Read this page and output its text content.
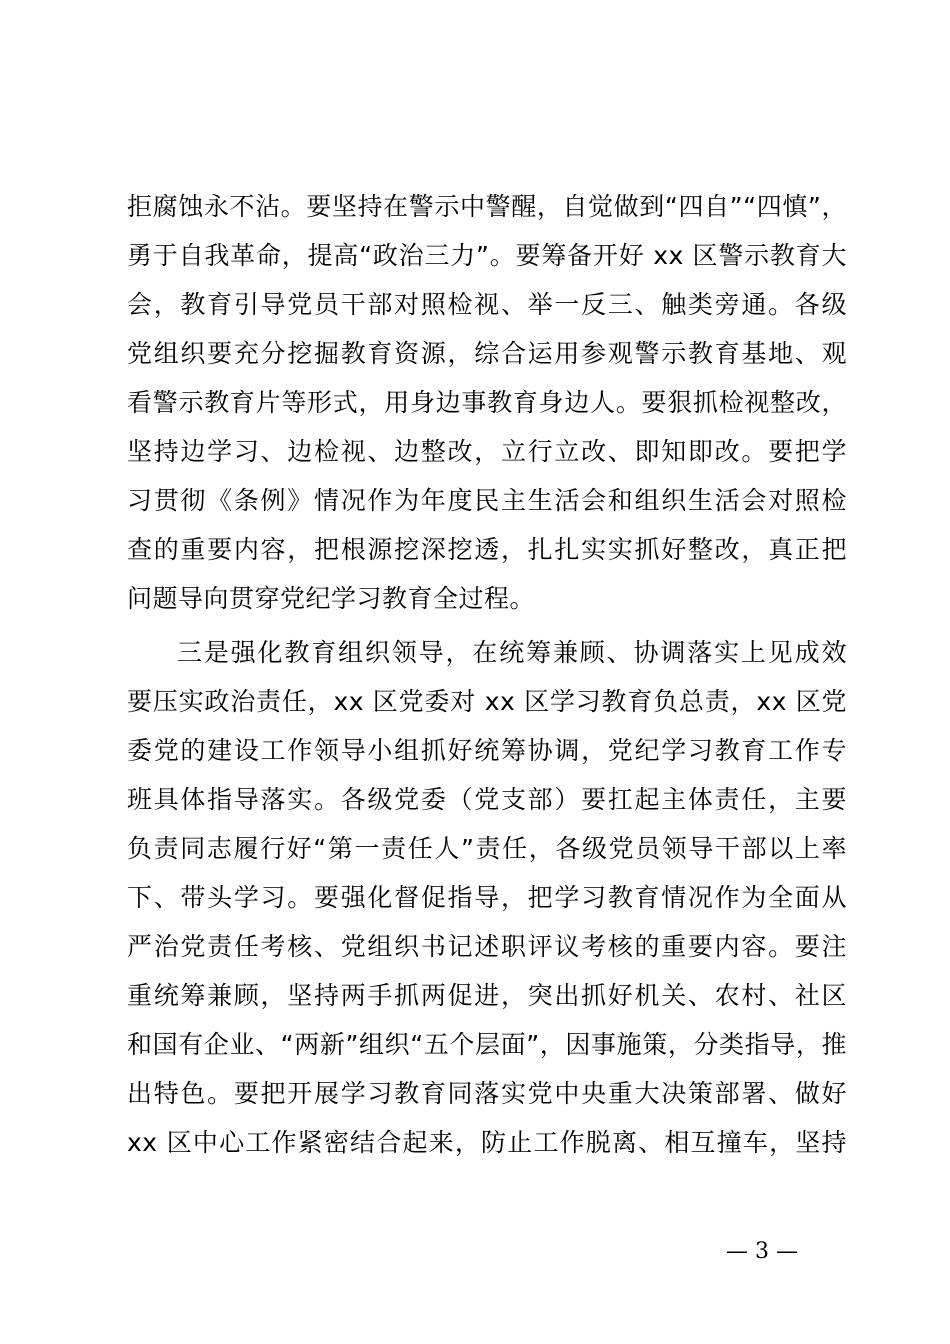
拒腐蚀永不沾。要坚持在警示中警醒，自觉做到“四自”“四慎”，
勇于自我革命，提高“政治三力”。要筹备开好 xx 区警示教育大
会，教育引导党员干部对照检视、举一反三、触类旁通。各级
党组织要充分挖掘教育资源，综合运用参观警示教育基地、观
看警示教育片等形式，用身边事教育身边人。要狠抓检视整改，
坚持边学习、边检视、边整改，立行立改、即知即改。要把学
习贯彻《条例》情况作为年度民主生活会和组织生活会对照检
查的重要内容，把根源挖深挖透，扎扎实实抓好整改，真正把
问题导向贯穿党纪学习教育全过程。
三是强化教育组织领导，在统筹兼顾、协调落实上见成效
要压实政治责任，xx 区党委对 xx 区学习教育负总责，xx 区党
委党的建设工作领导小组抓好统筹协调，党纪学习教育工作专
班具体指导落实。各级党委（党支部）要扛起主体责任，主要
负责同志履行好“第一责任人”责任，各级党员领导干部以上率
下、带头学习。要强化督促指导，把学习教育情况作为全面从
严治党责任考核、党组织书记述职评议考核的重要内容。要注
重统筹兼顾，坚持两手抓两促进，突出抓好机关、农村、社区
和国有企业、“两新”组织“五个层面”，因事施策，分类指导，推
出特色。要把开展学习教育同落实党中央重大决策部署、做好
xx 区中心工作紧密结合起来，防止工作脱离、相互撞车，坚持
— 3 —
